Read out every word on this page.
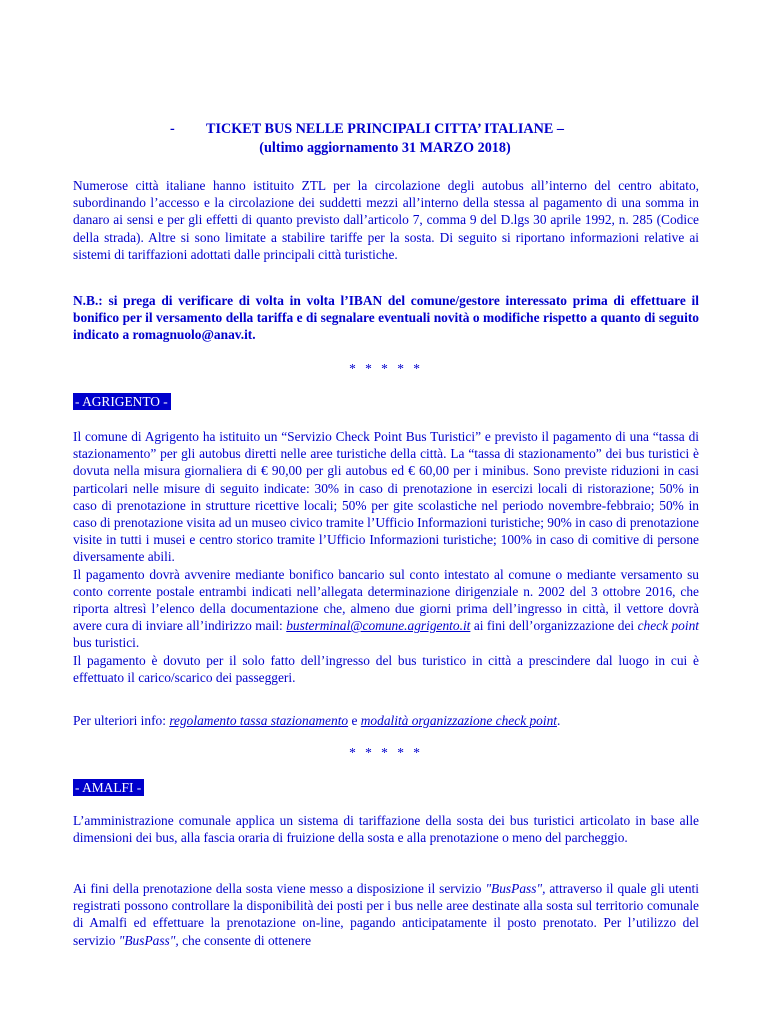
-	TICKET BUS NELLE PRINCIPALI CITTA’ ITALIANE –
(ultimo aggiornamento 31 MARZO 2018)

Numerose città italiane hanno istituito ZTL per la circolazione degli autobus all’interno del centro abitato, subordinando l’accesso e la circolazione dei suddetti mezzi all’interno della stessa al pagamento di una somma in danaro ai sensi e per gli effetti di quanto previsto dall’articolo 7, comma 9 del D.lgs 30 aprile 1992, n. 285 (Codice della strada). Altre si sono limitate a stabilire tariffe per la sosta. Di seguito si riportano informazioni relative ai sistemi di tariffazioni adottati dalle principali città turistiche.

N.B.: si prega di verificare di volta in volta l’IBAN del comune/gestore interessato prima di effettuare il bonifico per il versamento della tariffa e di segnalare eventuali novità o modifiche rispetto a quanto di seguito indicato a romagnuolo@anav.it.

* * * * *
- AGRIGENTO -

Il comune di Agrigento ha istituito un “Servizio Check Point Bus Turistici” e previsto il pagamento di una “tassa di stazionamento” per gli autobus diretti nelle aree turistiche della città. La “tassa di stazionamento” dei bus turistici è dovuta nella misura giornaliera di € 90,00 per gli autobus ed € 60,00 per i minibus. Sono previste riduzioni in casi particolari nelle misure di seguito indicate: 30% in caso di prenotazione in esercizi locali di ristorazione; 50% in caso di prenotazione in strutture ricettive locali; 50% per gite scolastiche nel periodo novembre-febbraio; 50% in caso di prenotazione visita ad un museo civico tramite l’Ufficio Informazioni turistiche; 90% in caso di prenotazione visite in tutti i musei e centro storico tramite l’Ufficio Informazioni turistiche; 100% in caso di comitive di persone diversamente abili.

Il pagamento dovrà avvenire mediante bonifico bancario sul conto intestato al comune o mediante versamento su conto corrente postale entrambi indicati nell’allegata determinazione dirigenziale n. 2002 del 3 ottobre 2016, che riporta altresì l’elenco della documentazione che, almeno due giorni prima dell’ingresso in città, il vettore dovrà avere cura di inviare all’indirizzo mail: busterminal@comune.agrigento.it ai fini dell’organizzazione dei check point bus turistici.

Il pagamento è dovuto per il solo fatto dell’ingresso del bus turistico in città a prescindere dal luogo in cui è effettuato il carico/scarico dei passeggeri.

Per ulteriori info: regolamento tassa stazionamento e modalità organizzazione check point.

* * * * *
- AMALFI -

L’amministrazione comunale applica un sistema di tariffazione della sosta dei bus turistici articolato in base alle dimensioni dei bus, alla fascia oraria di fruizione della sosta e alla prenotazione o meno del parcheggio.

Ai fini della prenotazione della sosta viene messo a disposizione il servizio "BusPass", attraverso il quale gli utenti registrati possono controllare la disponibilità dei posti per i bus nelle aree destinate alla sosta sul territorio comunale di Amalfi ed effettuare la prenotazione on-line, pagando anticipatamente il posto prenotato. Per l’utilizzo del servizio "BusPass", che consente di ottenere
